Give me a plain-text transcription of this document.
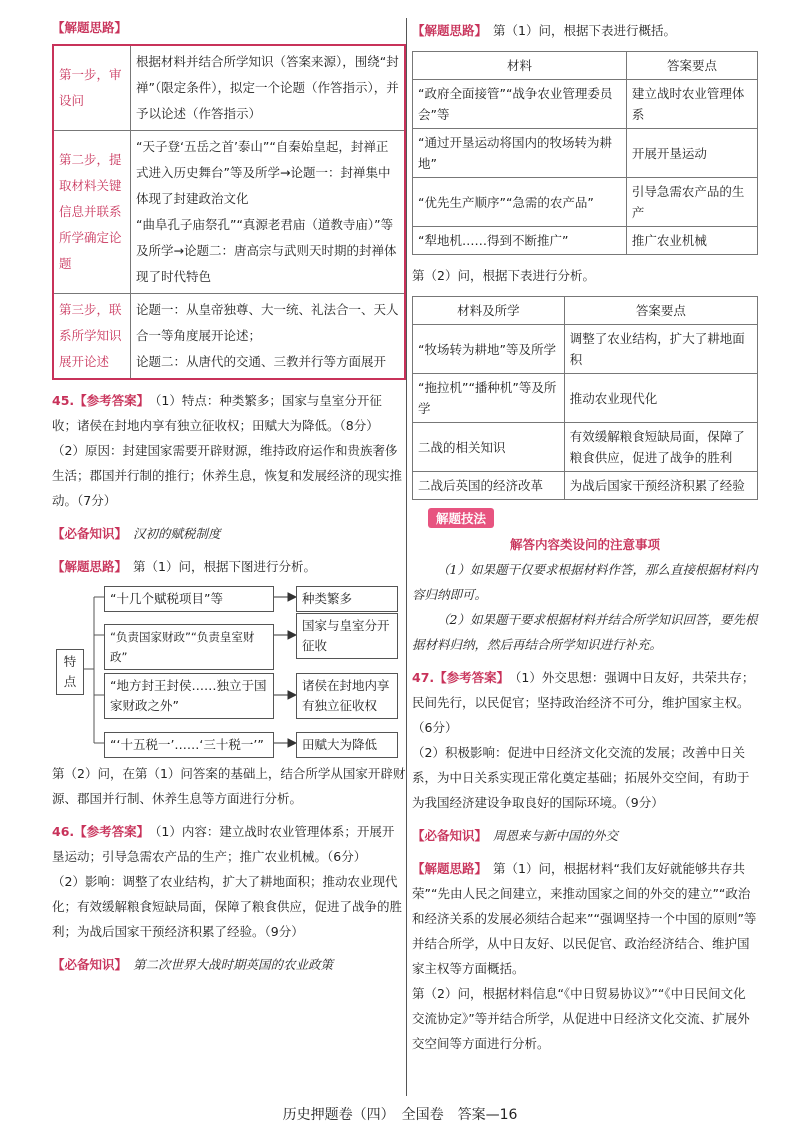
【解题思路】
第一步，审设问	根据材料并结合所学知识（答案来源），围绕“封禅”（限定条件），拟定一个论题（作答指示），并予以论述（作答指示）
第二步，提取材料关键信息并联系所学确定论题	“天子登‘五岳之首’泰山”“自秦始皇起，封禅正式进入历史舞台”等及所学→论题一：封禅集中体现了封建政治文化
“曲阜孔子庙祭孔”“真源老君庙（道教寺庙）”等及所学→论题二：唐高宗与武则天时期的封禅体现了时代特色

第三步，联系所学知识展开论述	论题一：从皇帝独尊、大一统、礼法合一、天人合一等角度展开论述；
论题二：从唐代的交通、三教并行等方面展开

45.【参考答案】 （1）特点：种类繁多；国家与皇室分开征收；诸侯在封地内享有独立征收权；田赋大为降低。（8分）

（2）原因：封建国家需要开辟财源，维持政府运作和贵族奢侈生活；郡国并行制的推行；休养生息，恢复和发展经济的现实推动。（7分）

【必备知识】 汉初的赋税制度

【解题思路】 第（1）问，根据下图进行分析。

特点
“十几个赋税项目”等	种类繁多
“负责国家财政”“负责皇室财政”
国家与皇室分开征收
“地方封王封侯……独立于国家财政之外”
诸侯在封地内享有独立征收权
“‘十五税一’……‘三十税一’”	田赋大为降低

第（2）问，在第（1）问答案的基础上，结合所学从国家开辟财源、郡国并行制、休养生息等方面进行分析。

46.【参考答案】 （1）内容：建立战时农业管理体系；开展开垦运动；引导急需农产品的生产；推广农业机械。（6分）

（2）影响：调整了农业结构，扩大了耕地面积；推动农业现代化；有效缓解粮食短缺局面，保障了粮食供应，促进了战争的胜利；为战后国家干预经济积累了经验。（9分）

【必备知识】 第二次世界大战时期英国的农业政策

【解题思路】 第（1）问，根据下表进行概括。

材料	答案要点
“政府全面接管”“战争农业管理委员会”等	建立战时农业管理体系
“通过开垦运动将国内的牧场转为耕地”	开展开垦运动
“优先生产顺序”“急需的农产品”	引导急需农产品的生产
“犁地机……得到不断推广”	推广农业机械

第（2）问，根据下表进行分析。

材料及所学	答案要点
“牧场转为耕地”等及所学	调整了农业结构，扩大了耕地面积
“拖拉机”“播种机”等及所学	推动农业现代化
二战的相关知识	有效缓解粮食短缺局面，保障了粮食供应，促进了战争的胜利
二战后英国的经济改革	为战后国家干预经济积累了经验
解题技法

解答内容类设问的注意事项

（1）如果题干仅要求根据材料作答，那么直接根据材料内容归纳即可。

（2）如果题干要求根据材料并结合所学知识回答，要先根据材料归纳，然后再结合所学知识进行补充。

47.【参考答案】 （1）外交思想：强调中日友好，共荣共存；民间先行，以民促官；坚持政治经济不可分，维护国家主权。（6分）

（2）积极影响：促进中日经济文化交流的发展；改善中日关系，为中日关系实现正常化奠定基础；拓展外交空间，有助于为我国经济建设争取良好的国际环境。（9分）

【必备知识】 周恩来与新中国的外交

【解题思路】 第（1）问，根据材料“我们友好就能够共存共荣”“先由人民之间建立，来推动国家之间的外交的建立”“政治和经济关系的发展必须结合起来”“强调坚持一个中国的原则”等并结合所学，从中日友好、以民促官、政治经济结合、维护国家主权等方面概括。

第（2）问，根据材料信息“《中日贸易协议》”“《中日民间文化交流协定》”等并结合所学，从促进中日经济文化交流、扩展外交空间等方面进行分析。

历史押题卷（四）　全国卷　答案—16
